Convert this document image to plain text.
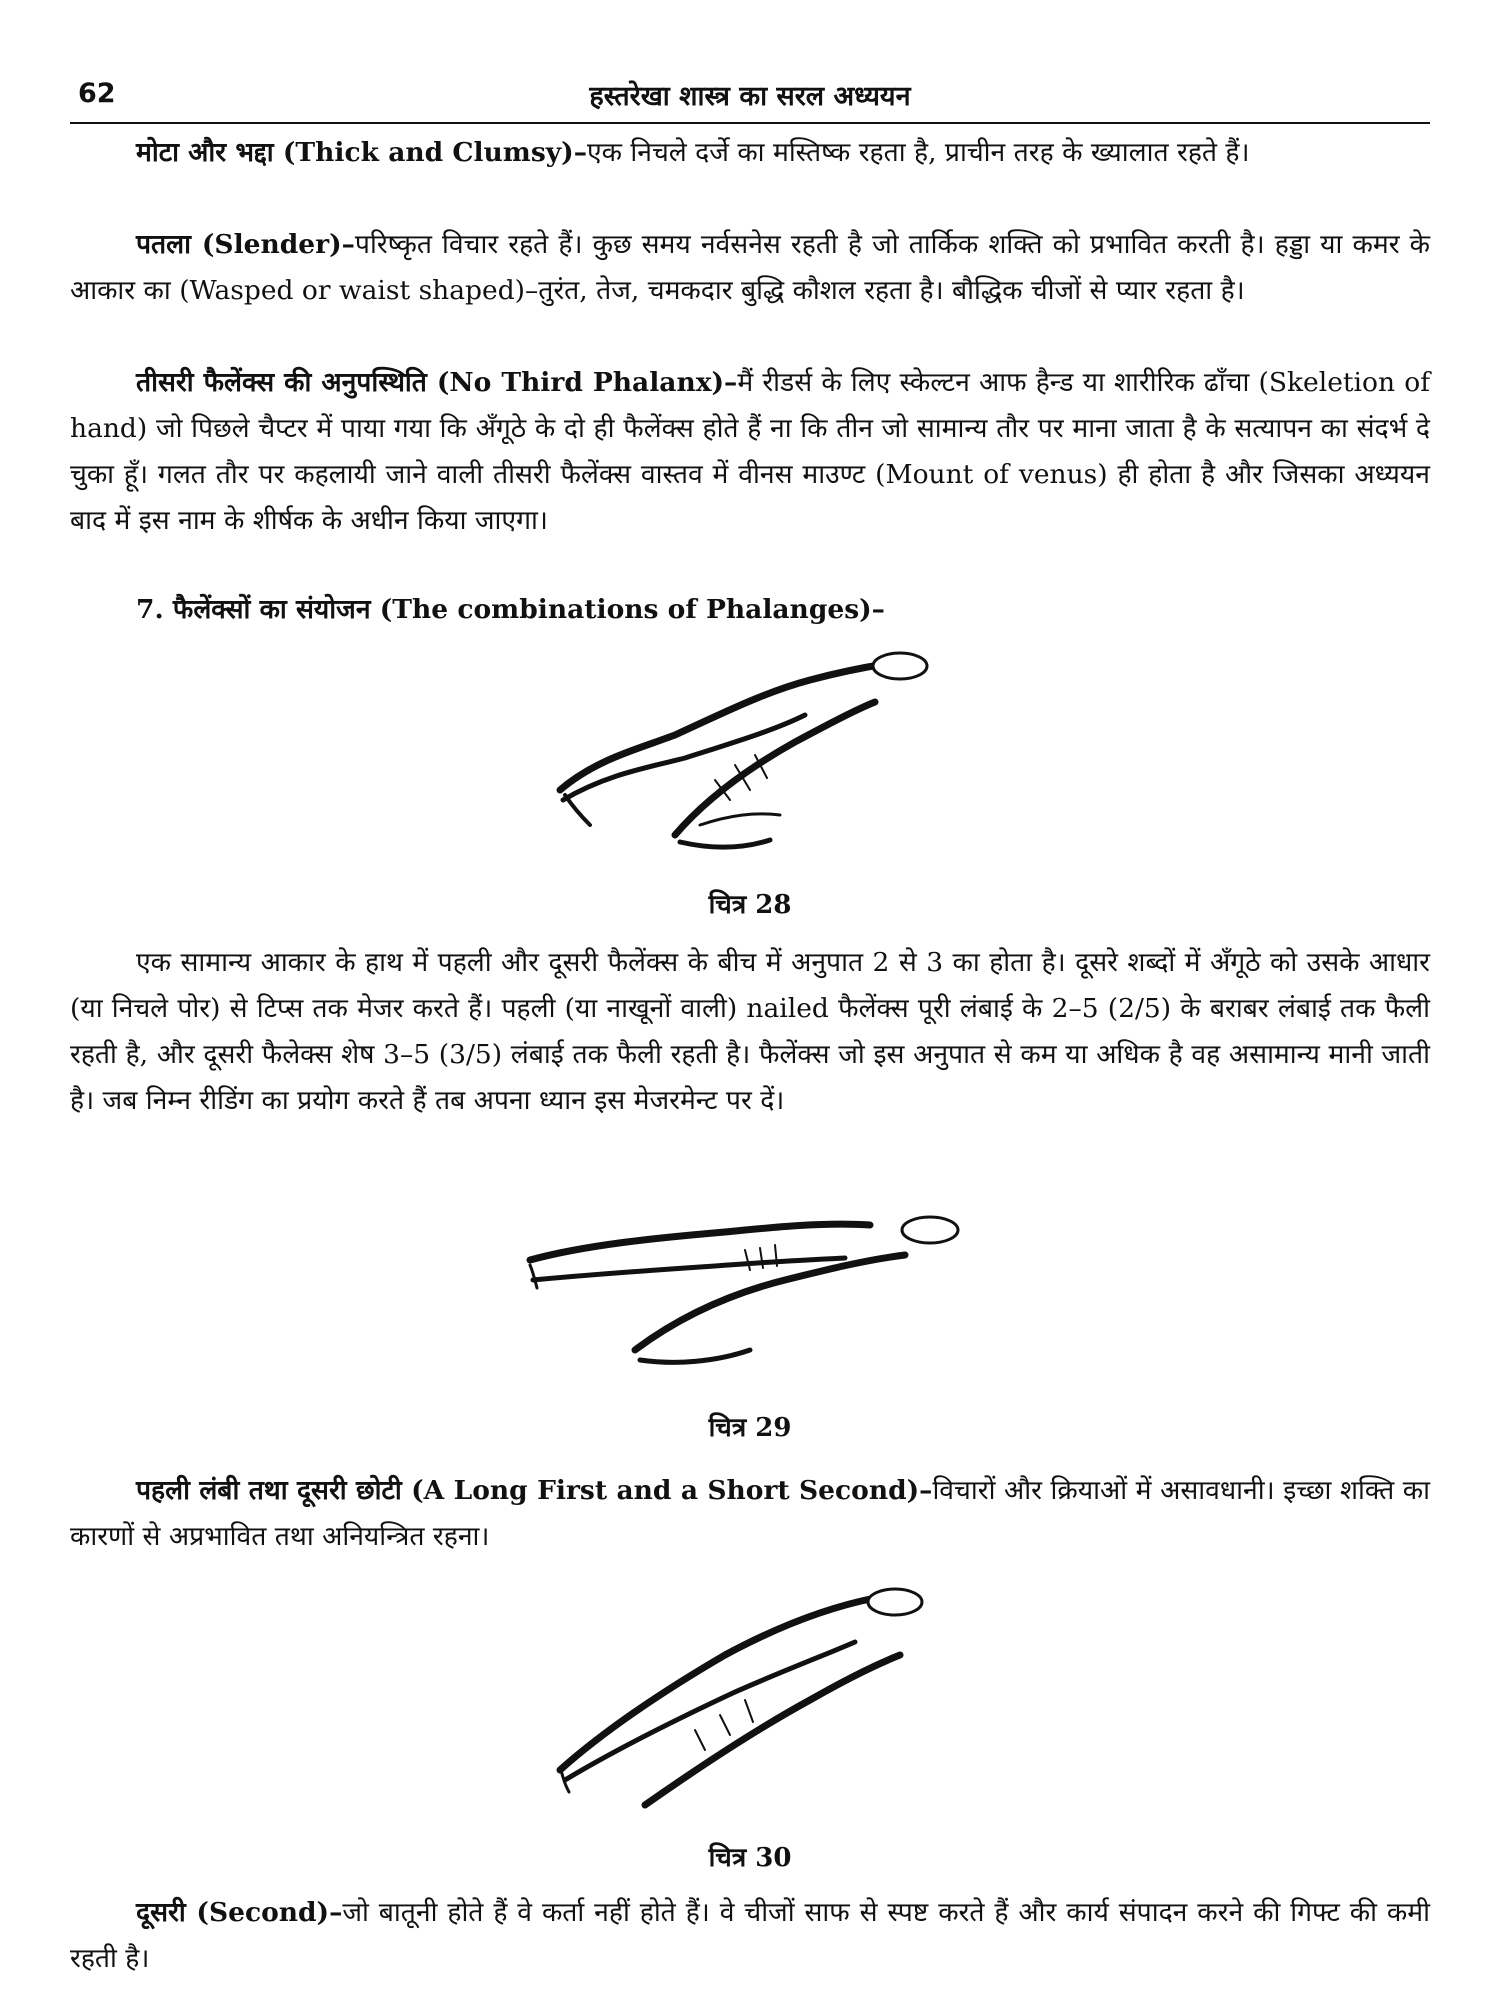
62	हस्तरेखा शास्त्र का सरल अध्ययन

मोटा और भद्दा (Thick and Clumsy)–एक निचले दर्जे का मस्तिष्क रहता है, प्राचीन तरह के ख्यालात रहते हैं।

पतला (Slender)–परिष्कृत विचार रहते हैं। कुछ समय नर्वसनेस रहती है जो तार्किक शक्ति को प्रभावित करती है। हड्डा या कमर के आकार का (Wasped or waist shaped)–तुरंत, तेज, चमकदार बुद्धि कौशल रहता है। बौद्धिक चीजों से प्यार रहता है।

तीसरी फैलेंक्स की अनुपस्थिति (No Third Phalanx)–मैं रीडर्स के लिए स्केल्टन आफ हैन्ड या शारीरिक ढाँचा (Skeletion of hand) जो पिछले चैप्टर में पाया गया कि अँगूठे के दो ही फैलेंक्स होते हैं ना कि तीन जो सामान्य तौर पर माना जाता है के सत्यापन का संदर्भ दे चुका हूँ। गलत तौर पर कहलायी जाने वाली तीसरी फैलेंक्स वास्तव में वीनस माउण्ट (Mount of venus) ही होता है और जिसका अध्ययन बाद में इस नाम के शीर्षक के अधीन किया जाएगा।

7. फैलेंक्सों का संयोजन (The combinations of Phalanges)–

चित्र 28

एक सामान्य आकार के हाथ में पहली और दूसरी फैलेंक्स के बीच में अनुपात 2 से 3 का होता है। दूसरे शब्दों में अँगूठे को उसके आधार (या निचले पोर) से टिप्स तक मेजर करते हैं। पहली (या नाखूनों वाली) nailed फैलेंक्स पूरी लंबाई के 2–5 (2/5) के बराबर लंबाई तक फैली रहती है, और दूसरी फैलेक्स शेष 3–5 (3/5) लंबाई तक फैली रहती है। फैलेंक्स जो इस अनुपात से कम या अधिक है वह असामान्य मानी जाती है। जब निम्न रीडिंग का प्रयोग करते हैं तब अपना ध्यान इस मेजरमेन्ट पर दें।

चित्र 29

पहली लंबी तथा दूसरी छोटी (A Long First and a Short Second)–विचारों और क्रियाओं में असावधानी। इच्छा शक्ति का कारणों से अप्रभावित तथा अनियन्त्रित रहना।

चित्र 30

दूसरी (Second)–जो बातूनी होते हैं वे कर्ता नहीं होते हैं। वे चीजों साफ से स्पष्ट करते हैं और कार्य संपादन करने की गिफ्ट की कमी रहती है।
